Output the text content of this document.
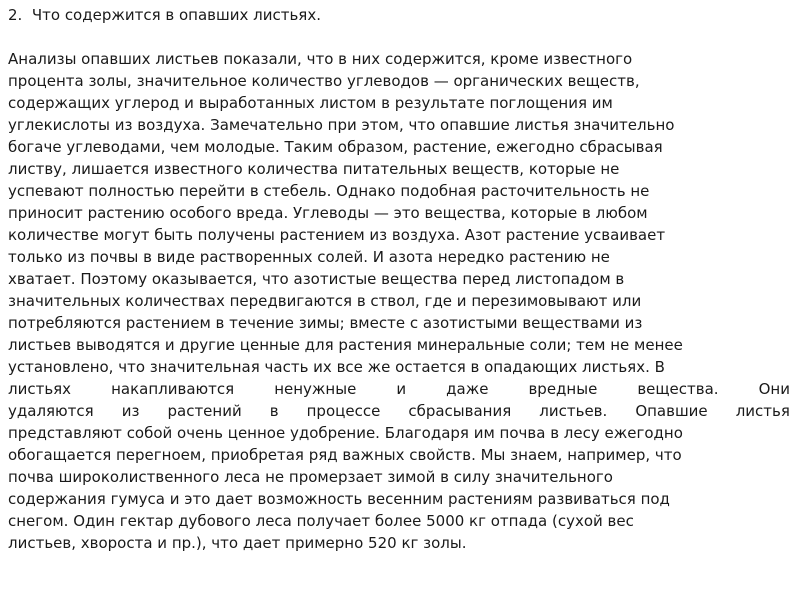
2.  Что содержится в опавших листьях.
Анализы опавших листьев показали, что в них содержится, кроме известного
процента золы, значительное количество углеводов — органических веществ,
содержащих углерод и выработанных листом в результате поглощения им
углекислоты из воздуха. Замечательно при этом, что опавшие листья значительно
богаче углеводами, чем молодые. Таким образом, растение, ежегодно сбрасывая
листву, лишается известного количества питательных веществ, которые не
успевают полностью перейти в стебель. Однако подобная расточительность не
приносит растению особого вреда. Углеводы — это вещества, которые в любом
количестве могут быть получены растением из воздуха. Азот растение усваивает
только из почвы в виде растворенных солей. И азота нередко растению не
хватает. Поэтому оказывается, что азотистые вещества перед листопадом в
значительных количествах передвигаются в ствол, где и перезимовывают или
потребляются растением в течение зимы; вместе с азотистыми веществами из
листьев выводятся и другие ценные для растения минеральные соли; тем не менее
установлено, что значительная часть их все же остается в опадающих листьях. В
листьях	накапливаются	ненужные	и	даже	вредные	вещества.	Они
удаляются из растений в процессе сбрасывания листьев. Опавшие листья
представляют собой очень ценное удобрение. Благодаря им почва в лесу ежегодно
обогащается перегноем, приобретая ряд важных свойств. Мы знаем, например, что
почва широколиственного леса не промерзает зимой в силу значительного
содержания гумуса и это дает возможность весенним растениям развиваться под
снегом. Один гектар дубового леса получает более 5000 кг отпада (сухой вес
листьев, хвороста и пр.), что дает примерно 520 кг золы.
